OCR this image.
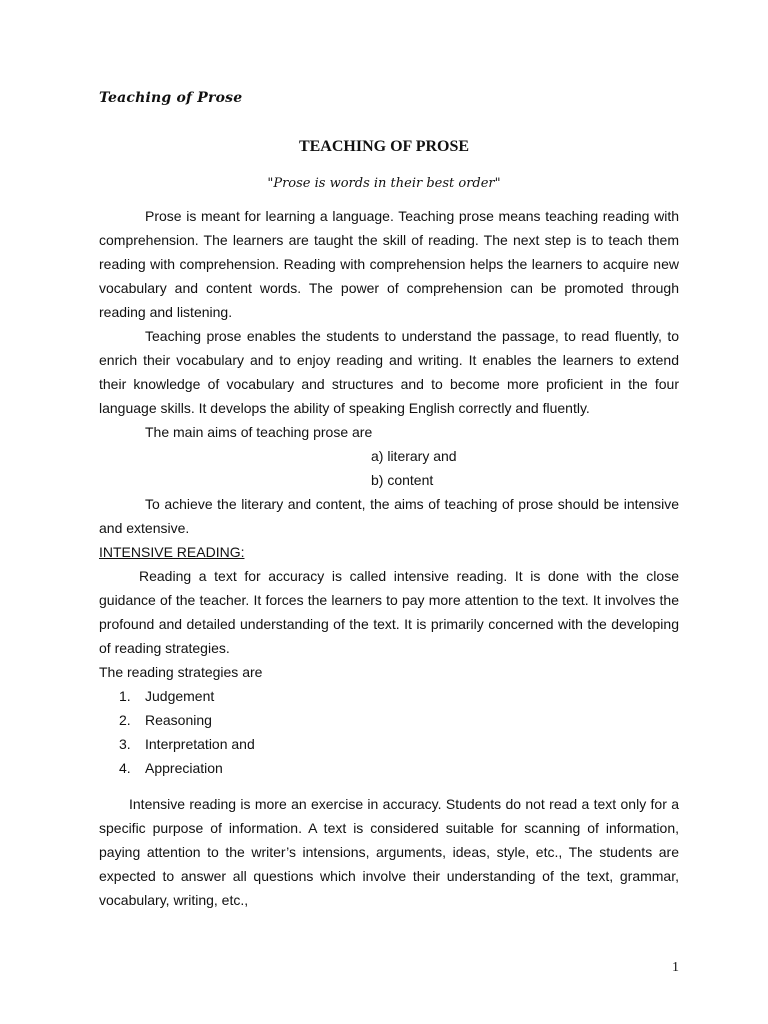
Teaching of Prose
TEACHING OF PROSE
"Prose is words in their best order"

Prose is meant for learning a language. Teaching prose means teaching reading with comprehension. The learners are taught the skill of reading. The next step is to teach them reading with comprehension. Reading with comprehension helps the learners to acquire new vocabulary and content words. The power of comprehension can be promoted through reading and listening.

Teaching prose enables the students to understand the passage, to read fluently, to enrich their vocabulary and to enjoy reading and writing. It enables the learners to extend their knowledge of vocabulary and structures and to become more proficient in the four language skills. It develops the ability of speaking English correctly and fluently.

The main aims of teaching prose are

a) literary and

b) content

To achieve the literary and content, the aims of teaching of prose should be intensive and extensive.

INTENSIVE READING:

Reading a text for accuracy is called intensive reading. It is done with the close guidance of the teacher. It forces the learners to pay more attention to the text. It involves the profound and detailed understanding of the text. It is primarily concerned with the developing of reading strategies.

The reading strategies are

1.	Judgement
2.	Reasoning
3.	Interpretation and
4.	Appreciation

Intensive reading is more an exercise in accuracy. Students do not read a text only for a specific purpose of information. A text is considered suitable for scanning of information, paying attention to the writer’s intensions, arguments, ideas, style, etc., The students are expected to answer all questions which involve their understanding of the text, grammar, vocabulary, writing, etc.,

1
